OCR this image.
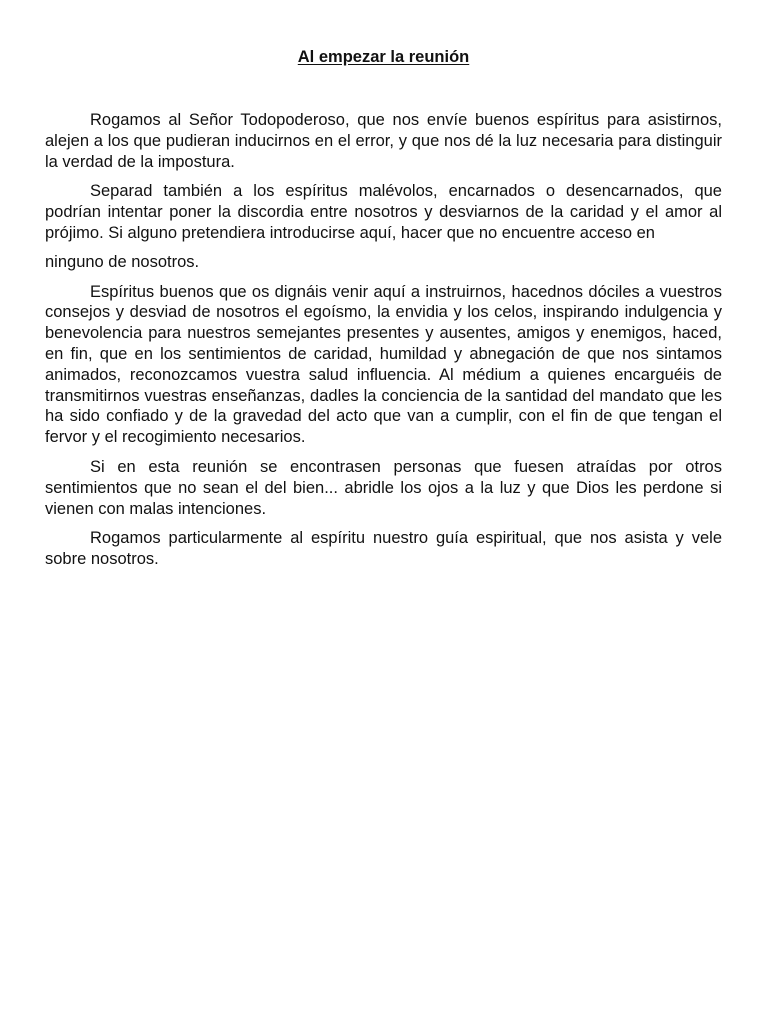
Al empezar la reunión

Rogamos al Señor Todopoderoso, que nos envíe buenos espíritus para asistirnos, alejen a los que pudieran inducirnos en el error, y que nos dé la luz necesaria para distinguir la verdad de la impostura.

Separad también a los espíritus malévolos, encarnados o desencarnados, que podrían intentar poner la discordia entre nosotros y desviarnos de la caridad y el amor al prójimo. Si alguno pretendiera introducirse aquí, hacer que no encuentre acceso en

ninguno de nosotros.

Espíritus buenos que os dignáis venir aquí a instruirnos, hacednos dóciles a vuestros consejos y desviad de nosotros el egoísmo, la envidia y los celos, inspirando indulgencia y benevolencia para nuestros semejantes presentes y ausentes, amigos y enemigos, haced, en fin, que en los sentimientos de caridad, humildad y abnegación de que nos sintamos animados, reconozcamos vuestra salud influencia. Al médium a quienes encarguéis de transmitirnos vuestras enseñanzas, dadles la conciencia de la santidad del mandato que les ha sido confiado y de la gravedad del acto que van a cumplir, con el fin de que tengan el fervor y el recogimiento necesarios.

Si en esta reunión se encontrasen personas que fuesen atraídas por otros sentimientos que no sean el del bien... abridle los ojos a la luz y que Dios les perdone si vienen con malas intenciones.

Rogamos particularmente al espíritu nuestro guía espiritual, que nos asista y vele sobre nosotros.
